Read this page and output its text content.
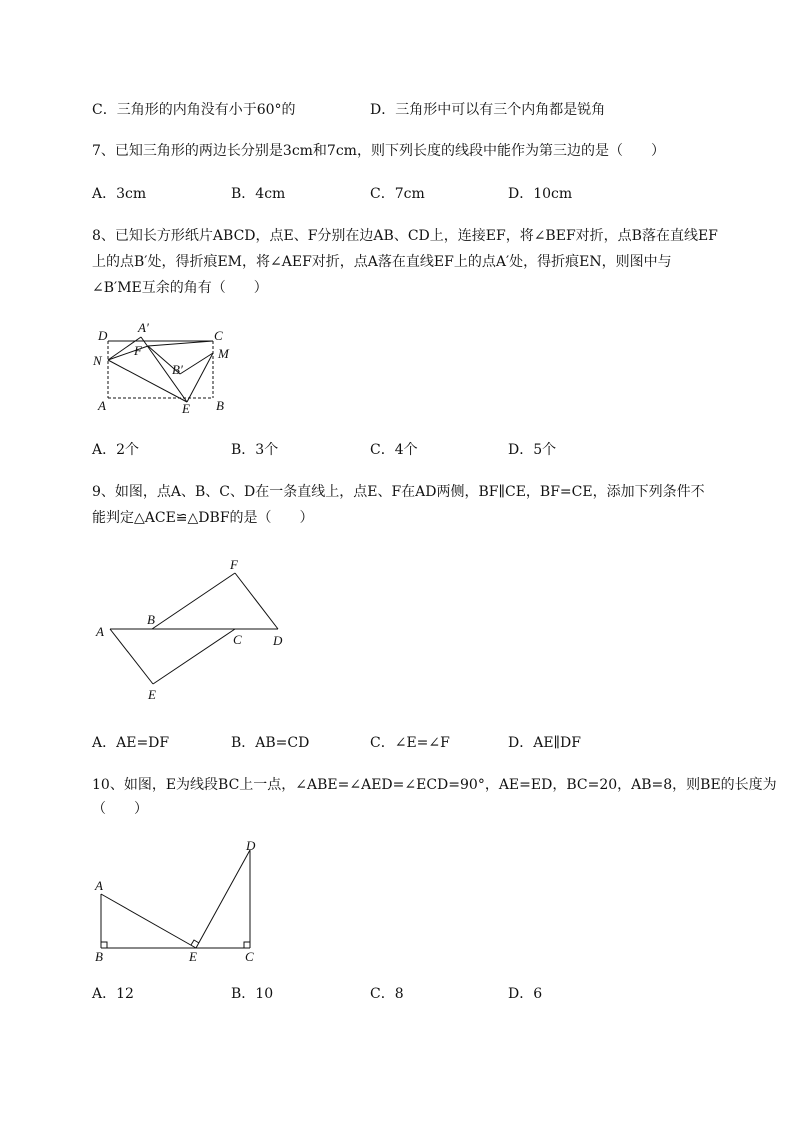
C．三角形的内角没有小于60°的	D．三角形中可以有三个内角都是锐角
7、已知三角形的两边长分别是3cm和7cm，则下列长度的线段中能作为第三边的是（　　）
A．3cm	B．4cm	C．7cm	D．10cm
8、已知长方形纸片ABCD，点E、F分别在边AB、CD上，连接EF，将∠BEF对折，点B落在直线EF
上的点B′处，得折痕EM，将∠AEF对折，点A落在直线EF上的点A′处，得折痕EN，则图中与
∠B′ME互余的角有（　　）
D
A′
C
F
N	M
B′
A	E B
A．2个	B．3个	C．4个	D．5个
9、如图，点A、B、C、D在一条直线上，点E、F在AD两侧，BF∥CE，BF=CE，添加下列条件不
能判定△ACE≌△DBF的是（　　）
F
A
B
C D
E
A．AE=DF	B．AB=CD	C．∠E=∠F	D．AE∥DF
10、如图，E为线段BC上一点，∠ABE=∠AED=∠ECD=90°，AE=ED，BC=20，AB=8，则BE的长度为
（　　）
A
D
B	E	C
A．12	B．10	C．8	D．6
